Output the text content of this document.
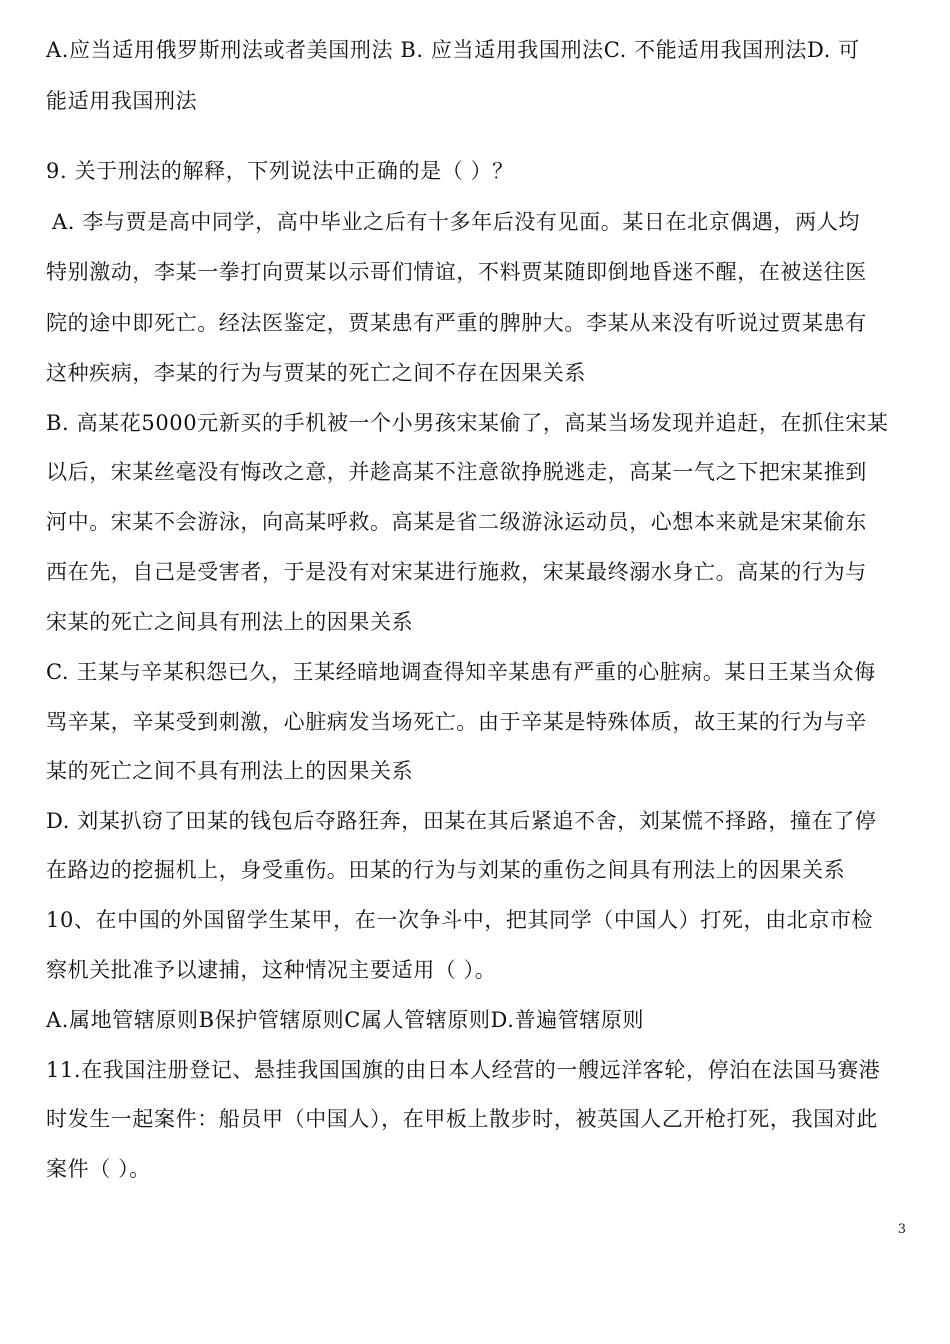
A.应当适用俄罗斯刑法或者美国刑法 B. 应当适用我国刑法C. 不能适用我国刑法D. 可
能适用我国刑法
9. 关于刑法的解释，下列说法中正确的是（ ）？
A. 李与贾是高中同学，高中毕业之后有十多年后没有见面。某日在北京偶遇，两人均
特别激动，李某一拳打向贾某以示哥们情谊，不料贾某随即倒地昏迷不醒，在被送往医
院的途中即死亡。经法医鉴定，贾某患有严重的脾肿大。李某从来没有听说过贾某患有
这种疾病，李某的行为与贾某的死亡之间不存在因果关系
B. 高某花5000元新买的手机被一个小男孩宋某偷了，高某当场发现并追赶，在抓住宋某
以后，宋某丝毫没有悔改之意，并趁高某不注意欲挣脱逃走，高某一气之下把宋某推到
河中。宋某不会游泳，向高某呼救。高某是省二级游泳运动员，心想本来就是宋某偷东
西在先，自己是受害者，于是没有对宋某进行施救，宋某最终溺水身亡。高某的行为与
宋某的死亡之间具有刑法上的因果关系
C. 王某与辛某积怨已久，王某经暗地调查得知辛某患有严重的心脏病。某日王某当众侮
骂辛某，辛某受到刺激，心脏病发当场死亡。由于辛某是特殊体质，故王某的行为与辛
某的死亡之间不具有刑法上的因果关系
D. 刘某扒窃了田某的钱包后夺路狂奔，田某在其后紧追不舍，刘某慌不择路，撞在了停
在路边的挖掘机上，身受重伤。田某的行为与刘某的重伤之间具有刑法上的因果关系
10、在中国的外国留学生某甲，在一次争斗中，把其同学（中国人）打死，由北京市检
察机关批准予以逮捕，这种情况主要适用（ ）。
A.属地管辖原则B保护管辖原则C属人管辖原则D.普遍管辖原则
11.在我国注册登记、悬挂我国国旗的由日本人经营的一艘远洋客轮，停泊在法国马赛港
时发生一起案件：船员甲（中国人），在甲板上散步时，被英国人乙开枪打死，我国对此
案件（ ）。
3
